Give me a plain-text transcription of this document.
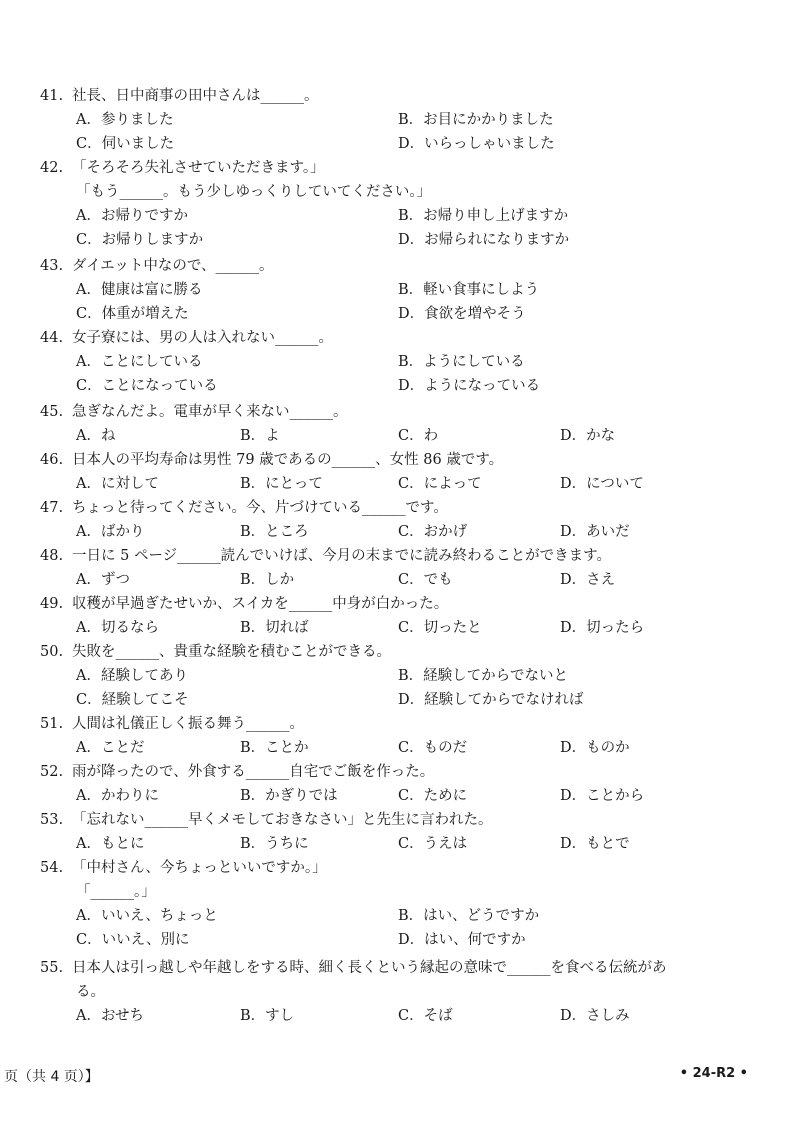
41. 社長、日中商事の田中さんは______。
A．参りました	B．お目にかかりました
C．伺いました	D．いらっしゃいました
42. 「そろそろ失礼させていただきます。」
「もう______。もう少しゆっくりしていてください。」
A．お帰りですか	B．お帰り申し上げますか
C．お帰りしますか	D．お帰られになりますか
43. ダイエット中なので、______。
A．健康は富に勝る	B．軽い食事にしよう
C．体重が増えた	D．食欲を増やそう
44. 女子寮には、男の人は入れない______。
A．ことにしている	B．ようにしている
C．ことになっている	D．ようになっている
45. 急ぎなんだよ。電車が早く来ない______。
A．ね	B．よ	C．わ	D．かな
46. 日本人の平均寿命は男性 79 歳であるの______、女性 86 歳です。
A．に対して	B．にとって	C．によって	D．について
47. ちょっと待ってください。今、片づけている______です。
A．ばかり	B．ところ	C．おかげ	D．あいだ
48. 一日に 5 ページ______読んでいけば、今月の末までに読み終わることができます。
A．ずつ	B．しか	C．でも	D．さえ
49. 収穫が早過ぎたせいか、スイカを______中身が白かった。
A．切るなら	B．切れば	C．切ったと	D．切ったら
50. 失敗を______、貴重な経験を積むことができる。
A．経験してあり	B．経験してからでないと
C．経験してこそ	D．経験してからでなければ
51. 人間は礼儀正しく振る舞う______。
A．ことだ	B．ことか	C．ものだ	D．ものか
52. 雨が降ったので、外食する______自宅でご飯を作った。
A．かわりに	B．かぎりでは	C．ために	D．ことから
53. 「忘れない______早くメモしておきなさい」と先生に言われた。
A．もとに	B．うちに	C．うえは	D．もとで
54. 「中村さん、今ちょっといいですか。」
「______。」
A．いいえ、ちょっと	B．はい、どうですか
C．いいえ、別に	D．はい、何ですか
55. 日本人は引っ越しや年越しをする時、細く長くという縁起の意味で______を食べる伝統があ
る。
A．おせち	B．すし	C．そば	D．さしみ
页（共 4 页）】	• 24-R2 •
